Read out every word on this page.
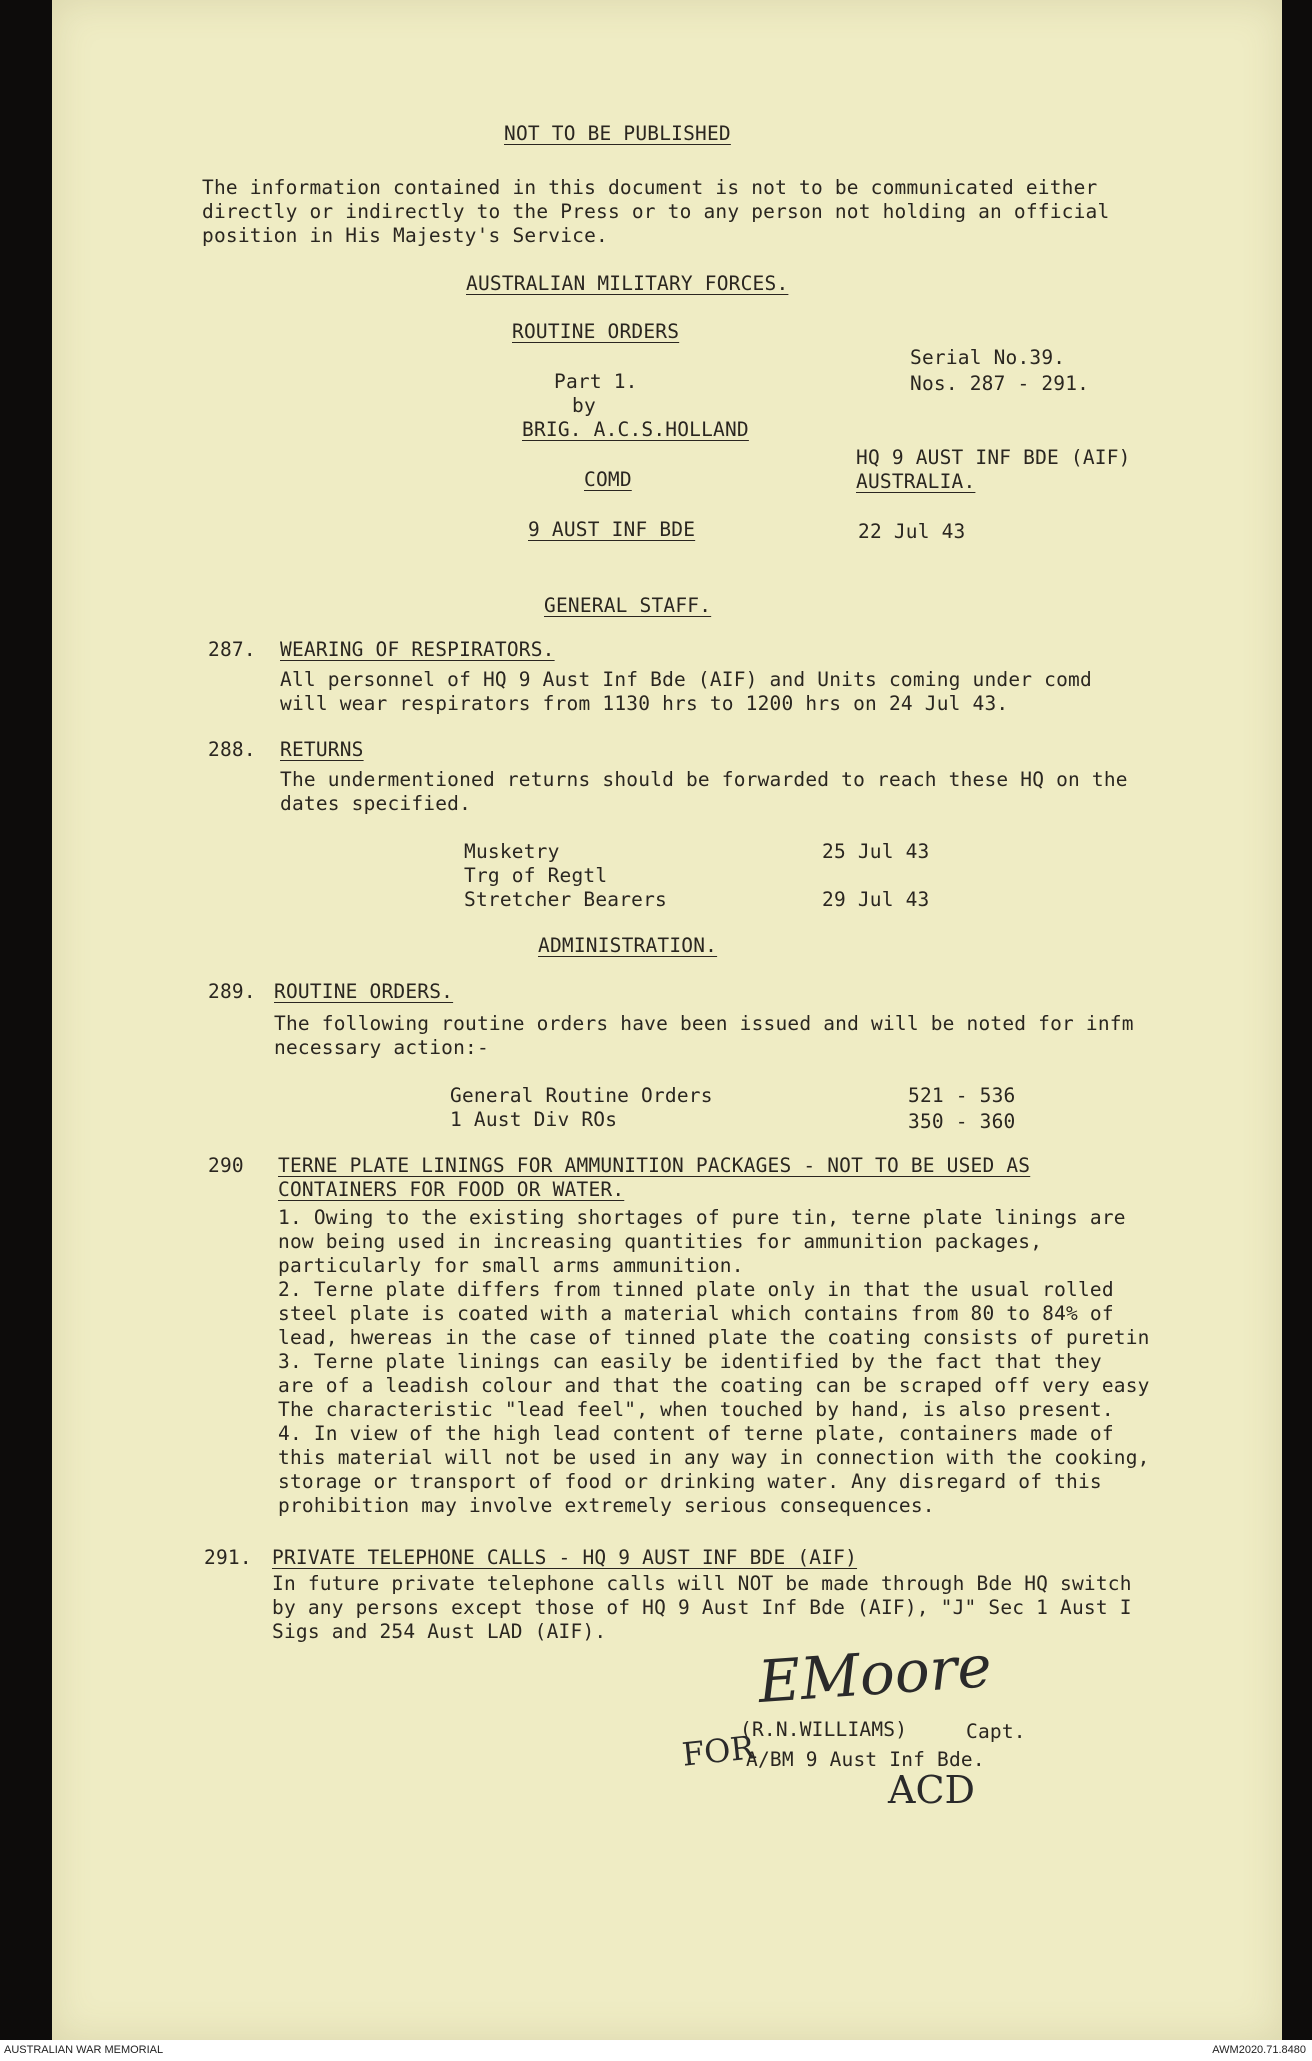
NOT TO BE PUBLISHED
The information contained in this document is not to be communicated either
directly or indirectly to the Press or to any person not holding an official
position in His Majesty's Service.
AUSTRALIAN MILITARY FORCES.
ROUTINE ORDERS
Serial No.39.
Nos. 287 - 291.
Part 1.
by
BRIG. A.C.S.HOLLAND
HQ 9 AUST INF BDE (AIF)
AUSTRALIA.
COMD
9 AUST INF BDE	22 Jul 43
GENERAL STAFF.
287. WEARING OF RESPIRATORS.
All personnel of HQ 9 Aust Inf Bde (AIF) and Units coming under comd
will wear respirators from 1130 hrs to 1200 hrs on 24 Jul 43.
288. RETURNS
The undermentioned returns should be forwarded to reach these HQ on the
dates specified.
Musketry	25 Jul 43
Trg of Regtl
Stretcher Bearers	29 Jul 43
ADMINISTRATION.
289. ROUTINE ORDERS.
The following routine orders have been issued and will be noted for infm
necessary action:-
General Routine Orders	521 - 536
1 Aust Div ROs	350 - 360
290 TERNE PLATE LININGS FOR AMMUNITION PACKAGES - NOT TO BE USED AS
CONTAINERS FOR FOOD OR WATER.
1. Owing to the existing shortages of pure tin, terne plate linings are
now being used in increasing quantities for ammunition packages,
particularly for small arms ammunition.
2. Terne plate differs from tinned plate only in that the usual rolled
steel plate is coated with a material which contains from 80 to 84% of
lead, hwereas in the case of tinned plate the coating consists of puretin
3. Terne plate linings can easily be identified by the fact that they
are of a leadish colour and that the coating can be scraped off very easy
The characteristic "lead feel", when touched by hand, is also present.
4. In view of the high lead content of terne plate, containers made of
this material will not be used in any way in connection with the cooking,
storage or transport of food or drinking water. Any disregard of this
prohibition may involve extremely serious consequences.
291. PRIVATE TELEPHONE CALLS - HQ 9 AUST INF BDE (AIF)
In future private telephone calls will NOT be made through Bde HQ switch
by any persons except those of HQ 9 Aust Inf Bde (AIF), "J" Sec 1 Aust I
Sigs and 254 Aust LAD (AIF).
EMoore
(R.N.WILLIAMS)	Capt.
FOR
A/BM 9 Aust Inf Bde.
ACD
AUSTRALIAN WAR MEMORIAL	AWM2020.71.8480
